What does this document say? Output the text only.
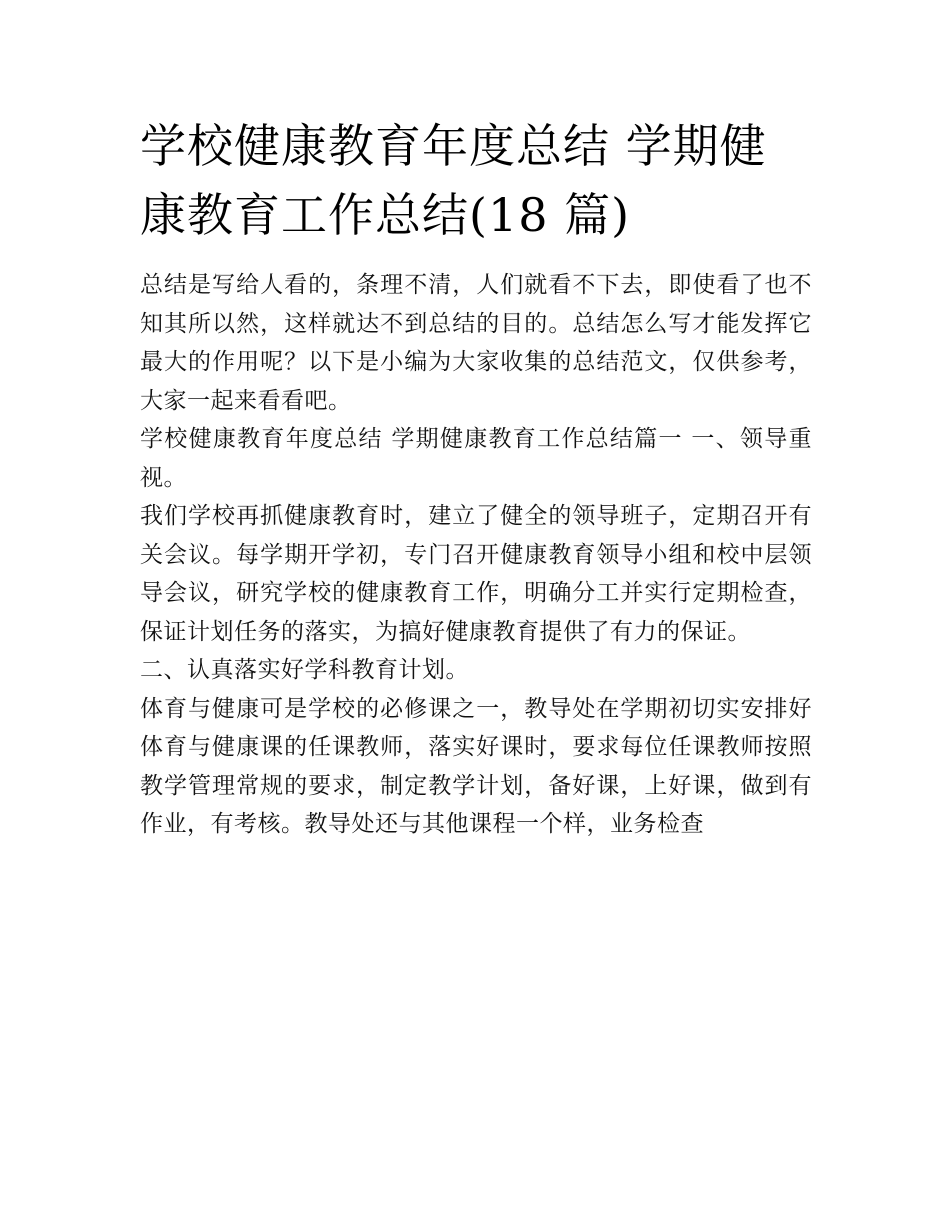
学校健康教育年度总结 学期健康教育工作总结(18 篇)

总结是写给人看的，条理不清，人们就看不下去，即使看了也不知其所以然，这样就达不到总结的目的。总结怎么写才能发挥它最大的作用呢？以下是小编为大家收集的总结范文，仅供参考，大家一起来看看吧。

学校健康教育年度总结 学期健康教育工作总结篇一 一、领导重视。

我们学校再抓健康教育时，建立了健全的领导班子，定期召开有关会议。每学期开学初，专门召开健康教育领导小组和校中层领导会议，研究学校的健康教育工作，明确分工并实行定期检查，保证计划任务的落实，为搞好健康教育提供了有力的保证。

二、认真落实好学科教育计划。

体育与健康可是学校的必修课之一，教导处在学期初切实安排好体育与健康课的任课教师，落实好课时，要求每位任课教师按照教学管理常规的要求，制定教学计划，备好课，上好课，做到有作业，有考核。教导处还与其他课程一个样，业务检查
